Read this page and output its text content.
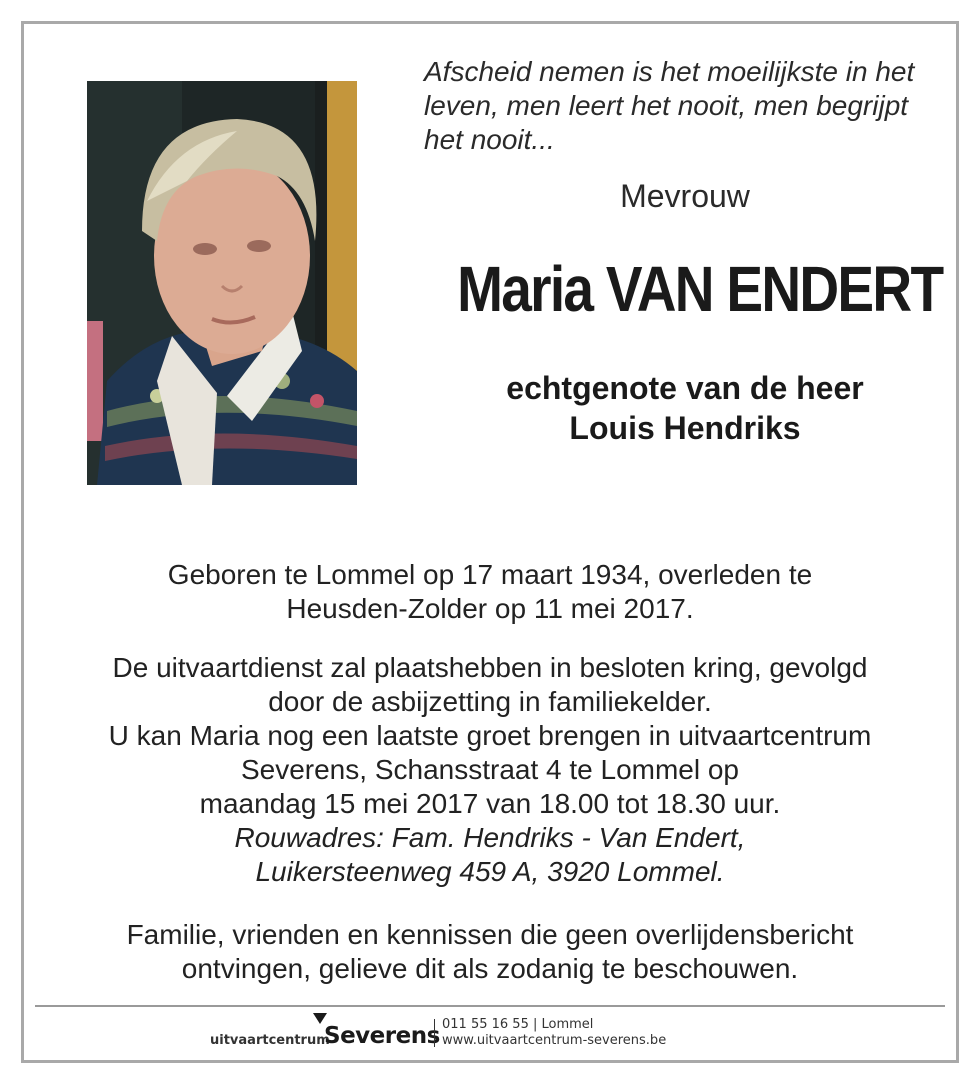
Afscheid nemen is het moeilijkste in het leven, men leert het nooit, men begrijpt het nooit...
Mevrouw
Maria VAN ENDERT
echtgenote van de heer
Louis Hendriks
Geboren te Lommel op 17 maart 1934, overleden te
Heusden-Zolder op 11 mei 2017.
De uitvaartdienst zal plaatshebben in besloten kring, gevolgd
door de asbijzetting in familiekelder.
U kan Maria nog een laatste groet brengen in uitvaartcentrum
Severens, Schansstraat 4 te Lommel op
maandag 15 mei 2017 van 18.00 tot 18.30 uur.
Rouwadres: Fam. Hendriks - Van Endert,
Luikersteenweg 459 A, 3920 Lommel.
Familie, vrienden en kennissen die geen overlijdensbericht
ontvingen, gelieve dit als zodanig te beschouwen.
uitvaartcentrum
Severens 011 55 16 55 | Lommel
www.uitvaartcentrum-severens.be
